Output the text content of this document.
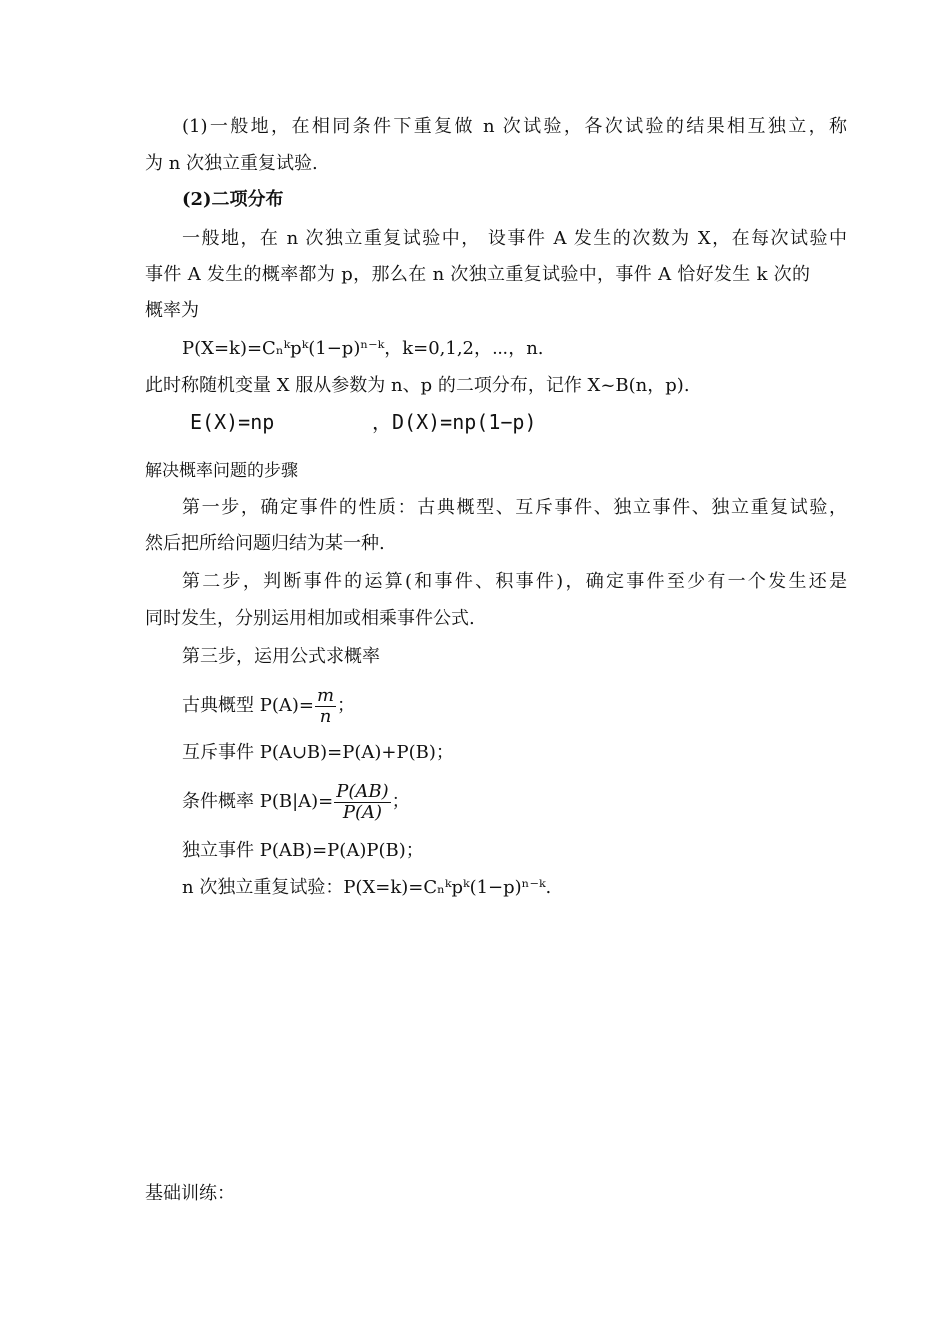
(1)一般地，在相同条件下重复做 n 次试验，各次试验的结果相互独立，称
为 n 次独立重复试验.
(2)二项分布
一般地，在 n 次独立重复试验中， 设事件 A 发生的次数为 X，在每次试验中
事件 A 发生的概率都为 p，那么在 n 次独立重复试验中，事件 A 恰好发生 k 次的
概率为
P(X=k)=Cₙᵏpᵏ(1−p)ⁿ⁻ᵏ，k=0,1,2，⋯，n.
此时称随机变量 X 服从参数为 n、p 的二项分布，记作 X~B(n，p).
E(X)=np	，D(X)=np(1−p)
解决概率问题的步骤
第一步，确定事件的性质：古典概型、互斥事件、独立事件、独立重复试验，
然后把所给问题归结为某一种.
第二步，判断事件的运算(和事件、积事件)，确定事件至少有一个发生还是
同时发生，分别运用相加或相乘事件公式.
第三步，运用公式求概率
古典概型 $P(A)= \frac{m}{n}$ ；
互斥事件 P(A∪B)=P(A)+P(B)；
条件概率 $P(B|A)= \frac{P(AB)}{P(A)}$ ；
独立事件 P(AB)=P(A)P(B)；
n 次独立重复试验：P(X=k)=Cₙᵏpᵏ(1−p)ⁿ⁻ᵏ.
基础训练：
